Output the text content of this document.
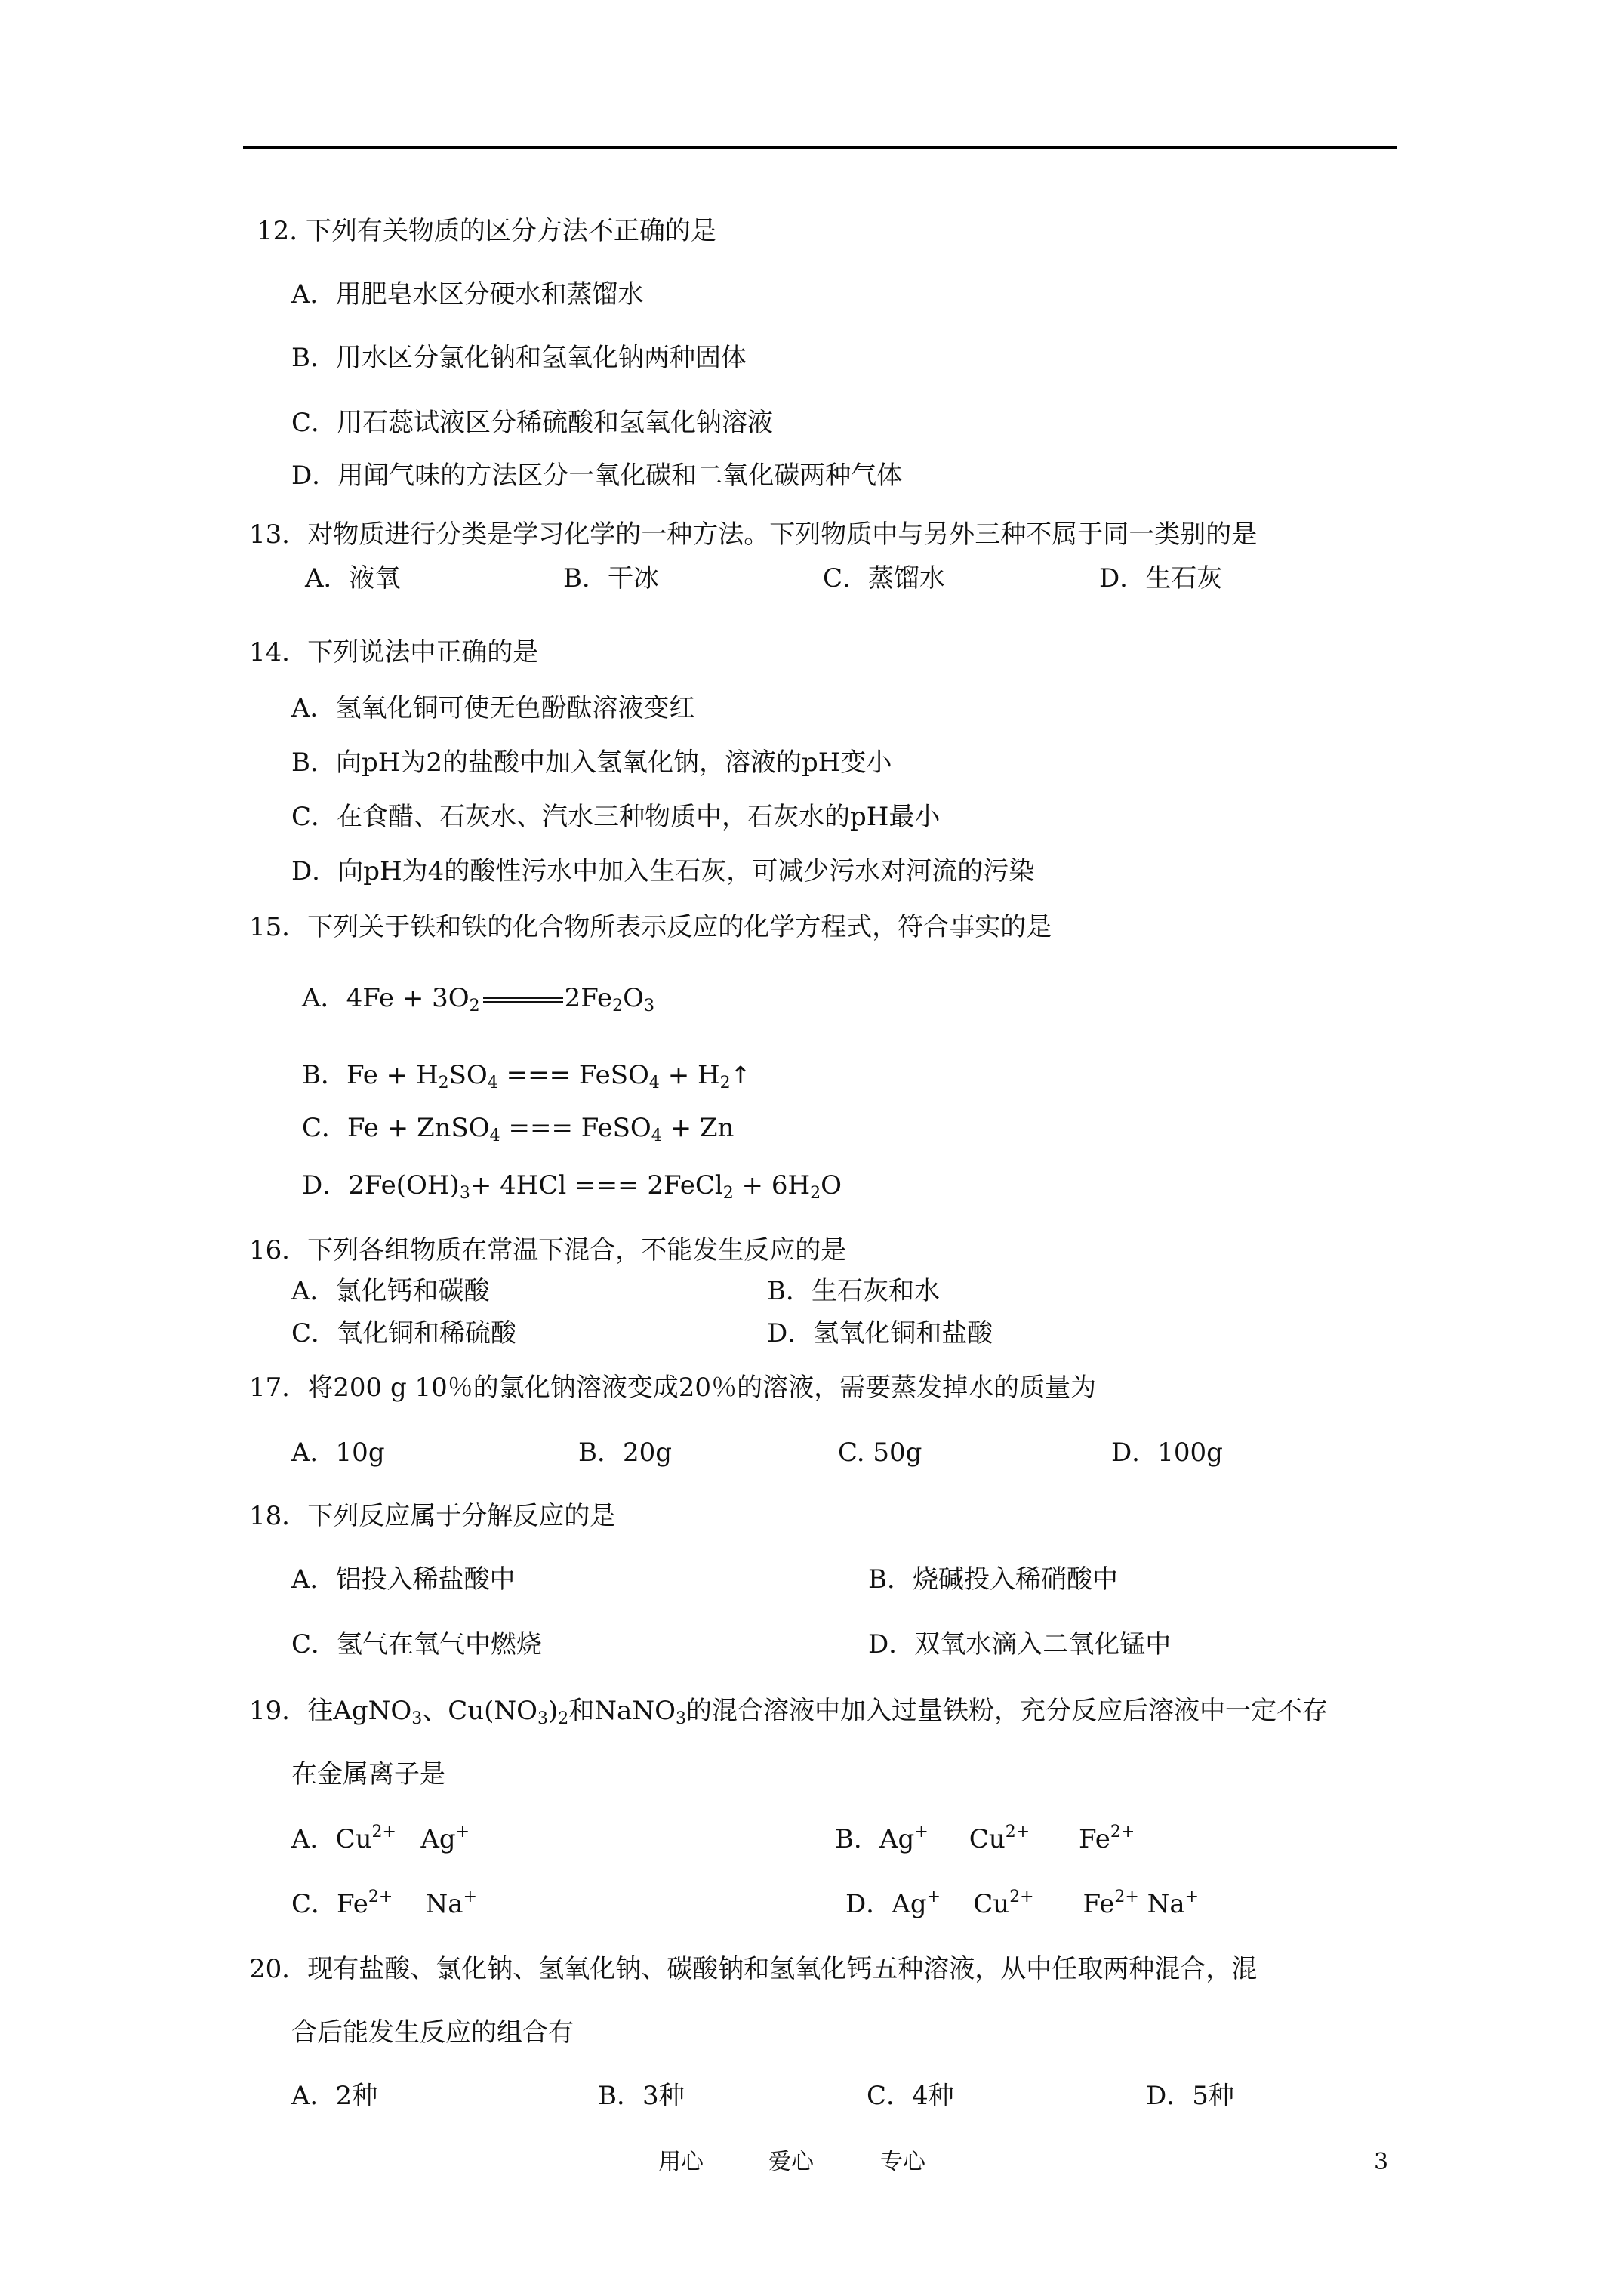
12. 下列有关物质的区分方法不正确的是
A．用肥皂水区分硬水和蒸馏水
B．用水区分氯化钠和氢氧化钠两种固体
C．用石蕊试液区分稀硫酸和氢氧化钠溶液
D．用闻气味的方法区分一氧化碳和二氧化碳两种气体
13．对物质进行分类是学习化学的一种方法。下列物质中与另外三种不属于同一类别的是
A．液氧	B．干冰	C．蒸馏水	D．生石灰
14．下列说法中正确的是
A．氢氧化铜可使无色酚酞溶液变红
B．向pH为2的盐酸中加入氢氧化钠，溶液的pH变小
C．在食醋、石灰水、汽水三种物质中，石灰水的pH最小
D．向pH为4的酸性污水中加入生石灰，可减少污水对河流的污染
15．下列关于铁和铁的化合物所表示反应的化学方程式，符合事实的是
A．$4Fe + 3O_2$	$2Fe_2O_3$
B．$Fe + H_2SO_4$ === FeSO$_4$ + $H_2↑$
C．Fe + ZnSO$_4$ === FeSO$_4$ + Zn
D．$2Fe(OH)_3+ 4HCl$ === 2FeCl$_2$ + $6H_2O$
16．下列各组物质在常温下混合，不能发生反应的是
A．氯化钙和碳酸	B．生石灰和水
C．氧化铜和稀硫酸	D．氢氧化铜和盐酸
17．将200 g 10％的氯化钠溶液变成20％的溶液，需要蒸发掉水的质量为
A．10g	B．20g	C. 50g	D．100g
18．下列反应属于分解反应的是
A．铝投入稀盐酸中	B．烧碱投入稀硝酸中
C．氢气在氧气中燃烧	D．双氧水滴入二氧化锰中
19．往AgNO$_3$、$Cu(NO_3)_2$和NaNO$_3$的混合溶液中加入过量铁粉，充分反应后溶液中一定不存
在金属离子是
A．$Cu^{2+}$   Ag+	B．Ag+     $Cu^{2+}$      $Fe^{2+}$
C．$Fe^{2+}$    Na+	D．Ag+    $Cu^{2+}$      $Fe^{2+}$ Na+
20．现有盐酸、氯化钠、氢氧化钠、碳酸钠和氢氧化钙五种溶液，从中任取两种混合，混
合后能发生反应的组合有
A．2种	B．3种	C．4种	D．5种
用心	爱心	专心	3
